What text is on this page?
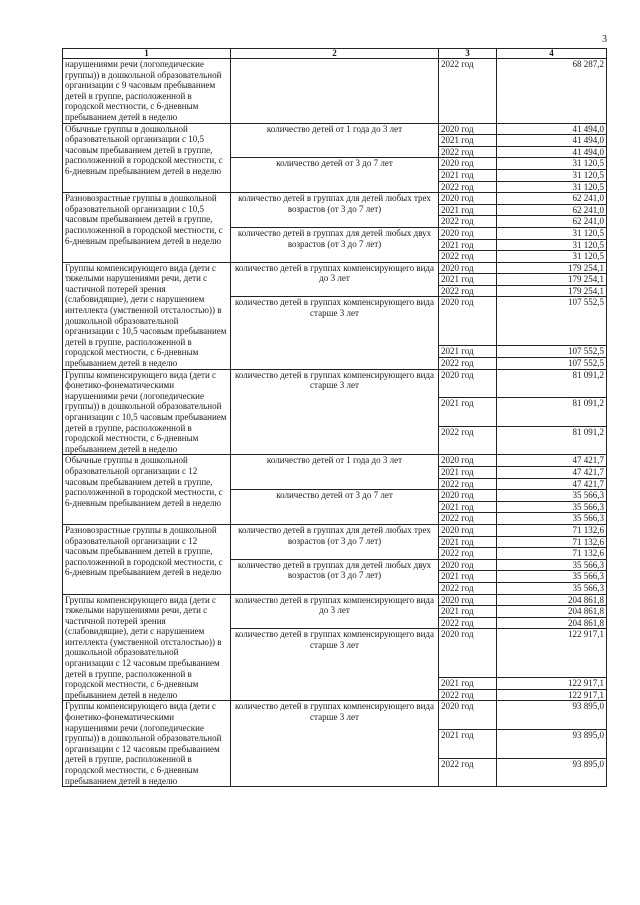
3
1	2	3	4
нарушениями речи (логопедические группы)) в дошкольной образовательной организации с 9 часовым пребыванием детей в группе, расположенной в городской местности, с 6-дневным пребыванием детей в неделю		2022 год	68 287,2
Обычные группы в дошкольной образовательной организации с 10,5 часовым пребыванием детей в группе, расположенной в городской местности, с 6-дневным пребыванием детей в неделю	количество детей от 1 года до 3 лет	2020 год	41 494,0
		2021 год	41 494,0
		2022 год	41 494,0
	количество детей от 3 до 7 лет	2020 год	31 120,5
		2021 год	31 120,5
		2022 год	31 120,5
Разновозрастные группы в дошкольной образовательной организации с 10,5 часовым пребыванием детей в группе, расположенной в городской местности, с 6-дневным пребыванием детей в неделю	количество детей в группах для детей любых трех возрастов (от 3 до 7 лет)	2020 год	62 241,0
		2021 год	62 241,0
		2022 год	62 241,0
	количество детей в группах для детей любых двух возрастов (от 3 до 7 лет)	2020 год	31 120,5
		2021 год	31 120,5
		2022 год	31 120,5
Группы компенсирующего вида (дети с тяжелыми нарушениями речи, дети с частичной потерей зрения (слабовидящие), дети с нарушением интеллекта (умственной отсталостью)) в дошкольной образовательной организации с 10,5 часовым пребыванием детей в группе, расположенной в городской местности, с 6-дневным пребыванием детей в неделю	количество детей в группах компенсирующего вида до 3 лет	2020 год	179 254,1
		2021 год	179 254,1
		2022 год	179 254,1
	количество детей в группах компенсирующего вида старше 3 лет	2020 год	107 552,5
		2021 год	107 552,5
		2022 год	107 552,5
Группы компенсирующего вида (дети с фонетико-фонематическими нарушениями речи (логопедические группы)) в дошкольной образовательной организации с 10,5 часовым пребыванием детей в группе, расположенной в городской местности, с 6-дневным пребыванием детей в неделю	количество детей в группах компенсирующего вида старше 3 лет	2020 год	81 091,2
		2021 год	81 091,2
		2022 год	81 091,2
Обычные группы в дошкольной образовательной организации с 12 часовым пребыванием детей в группе, расположенной в городской местности, с 6-дневным пребыванием детей в неделю	количество детей от 1 года до 3 лет	2020 год	47 421,7
		2021 год	47 421,7
		2022 год	47 421,7
	количество детей от 3 до 7 лет	2020 год	35 566,3
		2021 год	35 566,3
		2022 год	35 566,3
Разновозрастные группы в дошкольной образовательной организации с 12 часовым пребыванием детей в группе, расположенной в городской местности, с 6-дневным пребыванием детей в неделю	количество детей в группах для детей любых трех возрастов (от 3 до 7 лет)	2020 год	71 132,6
		2021 год	71 132,6
		2022 год	71 132,6
	количество детей в группах для детей любых двух возрастов (от 3 до 7 лет)	2020 год	35 566,3
		2021 год	35 566,3
		2022 год	35 566,3
Группы компенсирующего вида (дети с тяжелыми нарушениями речи, дети с частичной потерей зрения (слабовидящие), дети с нарушением интеллекта (умственной отсталостью)) в дошкольной образовательной организации с 12 часовым пребыванием детей в группе, расположенной в городской местности, с 6-дневным пребыванием детей в неделю	количество детей в группах компенсирующего вида до 3 лет	2020 год	204 861,8
		2021 год	204 861,8
		2022 год	204 861,8
	количество детей в группах компенсирующего вида старше 3 лет	2020 год	122 917,1
		2021 год	122 917,1
		2022 год	122 917,1
Группы компенсирующего вида (дети с фонетико-фонематическими нарушениями речи (логопедические группы)) в дошкольной образовательной организации с 12 часовым пребыванием детей в группе, расположенной в городской местности, с 6-дневным пребыванием детей в неделю	количество детей в группах компенсирующего вида старше 3 лет	2020 год	93 895,0
		2021 год	93 895,0
		2022 год	93 895,0
